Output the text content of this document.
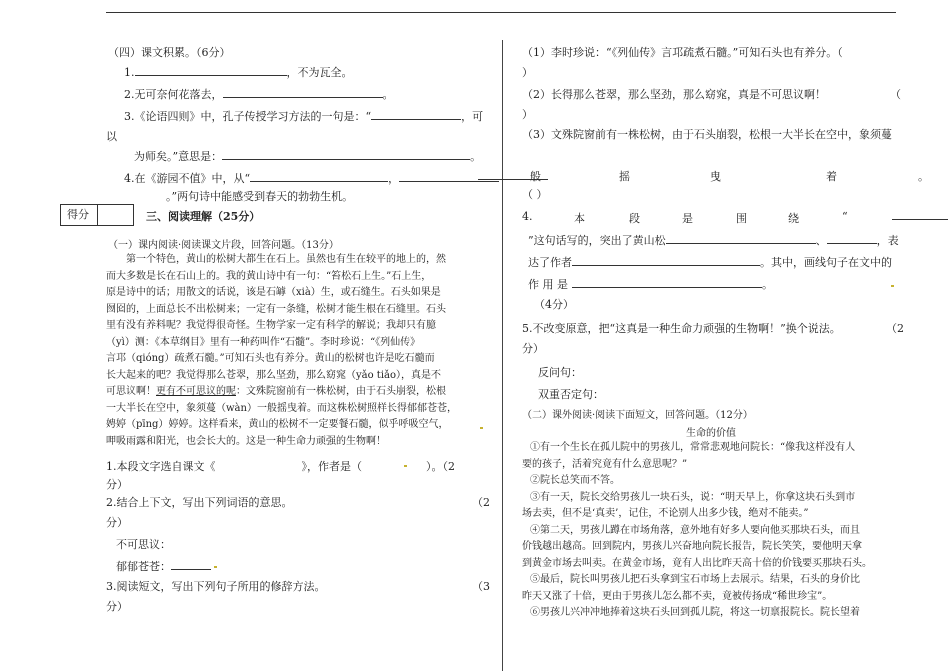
（四）课文积累。（6分）
1.	，不为瓦全。
2.无可奈何花落去，	。
3.《论语四则》中，孔子传授学习方法的一句是：“	，可
以
为师矣。”意思是：	。
4.在《游园不值》中，从“	，
。”两句诗中能感受到春天的勃勃生机。
得分	三、阅读理解（25分）
（一）课内阅读·阅读课文片段，回答问题。（13分）
第一个特色，黄山的松树大都生在石上。虽然也有生在较平的地上的，然
而大多数是长在石山上的。我的黄山诗中有一句：“笞松石上生。”石上生，
原是诗中的话；用散文的话说，该是石罅（xià）生，或石缝生。石头如果是
囫囵的，上面总长不出松树来；一定有一条缝，松树才能生根在石缝里。石头
里有没有养料呢？我觉得很奇怪。生物学家一定有科学的解说；我却只有臆
（yì）测：《本草纲目》里有一种药叫作“石髓”。李时珍说：“《列仙传》
言邛（qióng）疏煮石髓。”可知石头也有养分。黄山的松树也许是吃石髓而
长大起来的吧？我觉得那么苍翠，那么坚劲，那么窈窕（yǎo tiǎo），真是不
可思议啊！更有不可思议的呢：文殊院窗前有一株松树，由于石头崩裂，松根
一大半长在空中，象须蔓（wàn）一般摇曳着。而这株松树照样长得郁郁苍苍，
娉婷（pīng）婷婷。这样看来，黄山的松树不一定要餐石髓，似乎呼吸空气，
呷吸雨露和阳光，也会长大的。这是一种生命力顽强的生物啊！
1.本段文字选自课文《	》，作者是（	）。（2
分）
2.结合上下文，写出下列词语的意思。	（2
分）
不可思议：
郁郁苍苍：
3.阅读短文，写出下列句子所用的修辞方法。	（3
分）
（1）李时珍说：“《列仙传》言邛疏煮石髓。”可知石头也有养分。（
）
（2）长得那么苍翠，那么坚劲，那么窈窕，真是不可思议啊！	（
）
（3）文殊院窗前有一株松树，由于石头崩裂，松根一大半长在空中，象须蔓
般	摇	曳	着	。
（ ）
4.	本	段	是	围	绕	“
”这句话写的，突出了黄山松	、	，表
达了作者	。其中，画线句子在文中的
作 用 是	。
（4分）
5.不改变原意，把“这真是一种生命力顽强的生物啊！”换个说法。	（2
分）
反问句：
双重否定句：
（二）课外阅读·阅读下面短文，回答问题。（12分）
生命的价值
①有一个生长在孤儿院中的男孩儿，常常悲观地问院长：“像我这样没有人
要的孩子，活着究竟有什么意思呢？”
②院长总笑而不答。
③有一天，院长交给男孩儿一块石头，说：“明天早上，你拿这块石头到市
场去卖，但不是‘真卖’，记住，不论别人出多少钱，绝对不能卖。”
④第二天，男孩儿蹲在市场角落，意外地有好多人要向他买那块石头，而且
价钱越出越高。回到院内，男孩儿兴奋地向院长报告，院长笑笑，要他明天拿
到黄金市场去叫卖。在黄金市场，竟有人出比昨天高十倍的价钱要买那块石头。
⑤最后，院长叫男孩儿把石头拿到宝石市场上去展示。结果，石头的身价比
昨天又涨了十倍，更由于男孩儿怎么都不卖，竟被传扬成“稀世珍宝”。
⑥男孩儿兴冲冲地捧着这块石头回到孤儿院，将这一切禀报院长。院长望着
